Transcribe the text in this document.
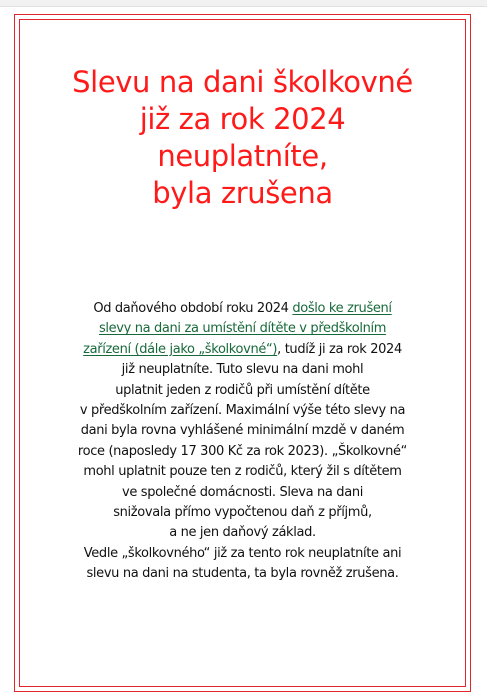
Slevu na dani školkovné
již za rok 2024
neuplatníte,
byla zrušena
Od daňového období roku 2024 došlo ke zrušení
slevy na dani za umístění dítěte v předškolním
zařízení (dále jako „školkovné“), tudíž ji za rok 2024
již neuplatníte. Tuto slevu na dani mohl
uplatnit jeden z rodičů při umístění dítěte
v předškolním zařízení. Maximální výše této slevy na
dani byla rovna vyhlášené minimální mzdě v daném
roce (naposledy 17 300 Kč za rok 2023). „Školkovné“
mohl uplatnit pouze ten z rodičů, který žil s dítětem
ve společné domácnosti. Sleva na dani
snižovala přímo vypočtenou daň z příjmů,
a ne jen daňový základ.
Vedle „školkovného“ již za tento rok neuplatníte ani
slevu na dani na studenta, ta byla rovněž zrušena.
